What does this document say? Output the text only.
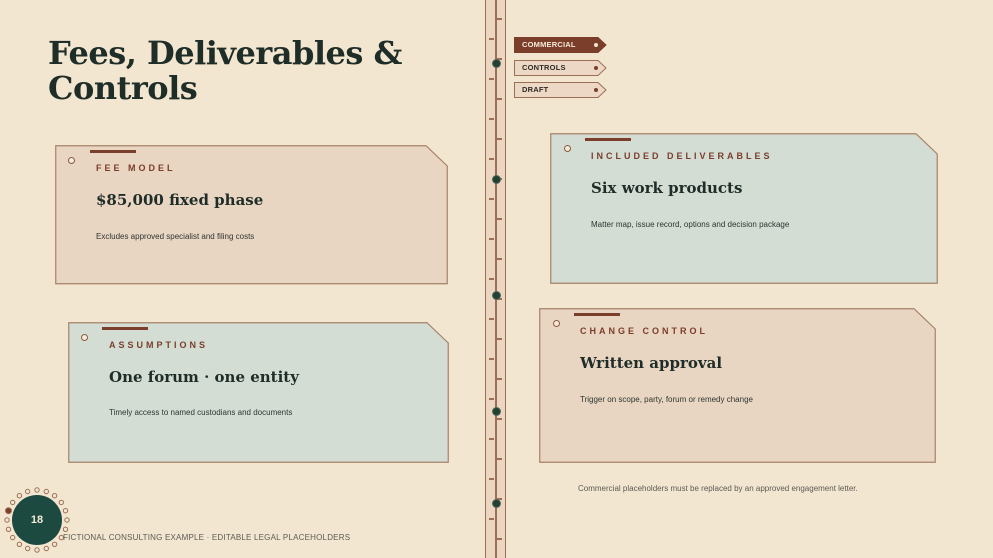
Fees, Deliverables & Controls
COMMERCIAL
CONTROLS
DRAFT
FEE MODEL
$85,000 fixed phase
Excludes approved specialist and filing costs
INCLUDED DELIVERABLES
Six work products
Matter map, issue record, options and decision package
ASSUMPTIONS
One forum · one entity
Timely access to named custodians and documents
CHANGE CONTROL
Written approval
Trigger on scope, party, forum or remedy change
Commercial placeholders must be replaced by an approved engagement letter.
18
FICTIONAL CONSULTING EXAMPLE · EDITABLE LEGAL PLACEHOLDERS
